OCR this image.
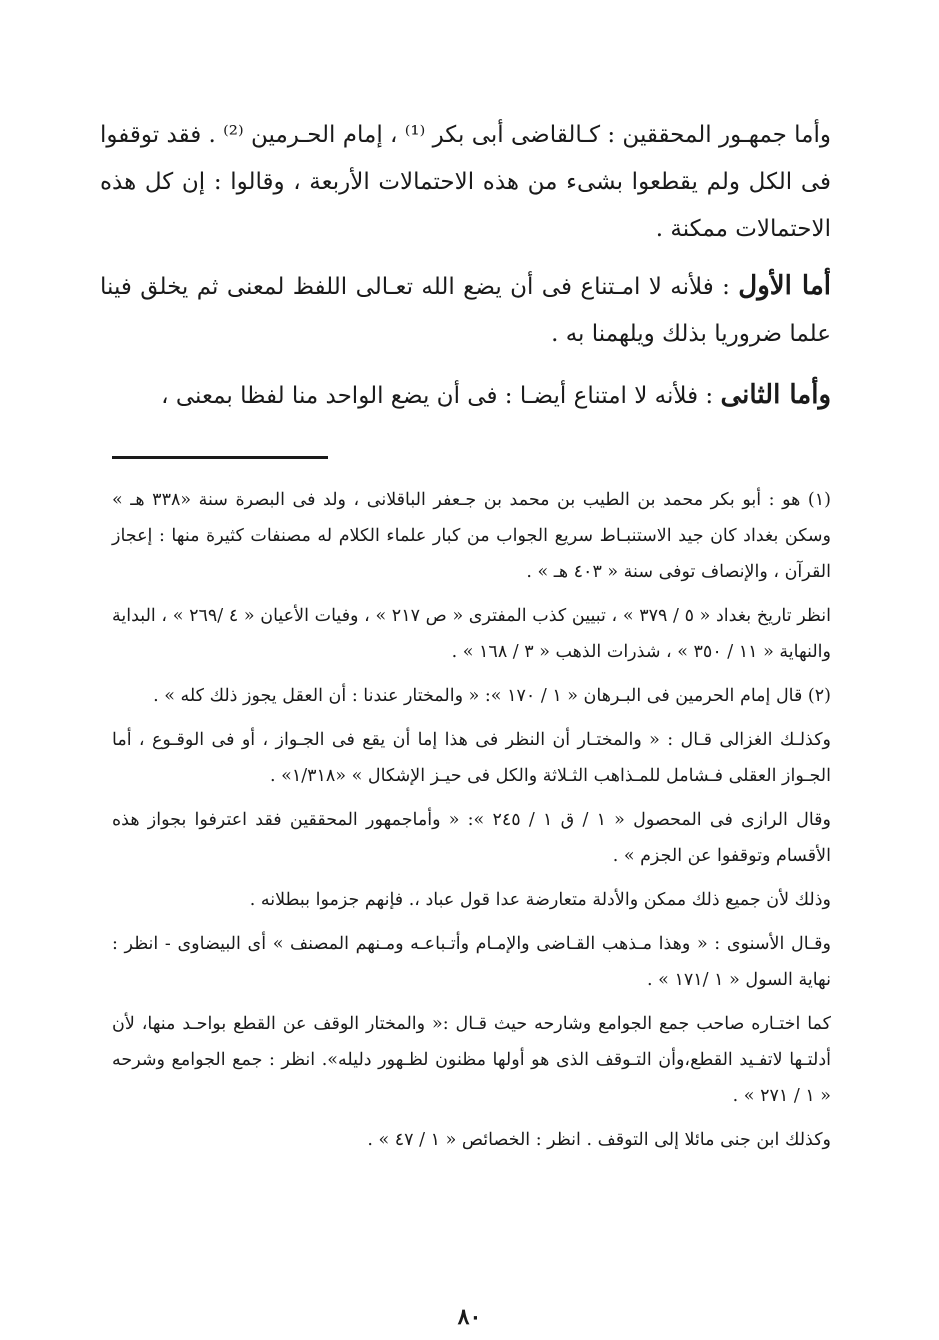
وأما جمهـور المحققين : كـالقاضى أبى بكر ⁽¹⁾ ، إمام الحـرمين ⁽²⁾ . فقد توقفوا فى الكل ولم يقطعوا بشىء من هذه الاحتمالات الأربعة ، وقالوا : إن كل هذه الاحتمالات ممكنة .

أما الأول : فلأنه لا امـتناع فى أن يضع الله تعـالى اللفظ لمعنى ثم يخلق فينا علما ضروريا بذلك ويلهمنا به .

وأما الثانى : فلأنه لا امتناع أيضـا : فى أن يضع الواحد منا لفظا بمعنى ،

(١) هو : أبو بكر محمد بن الطيب بن محمد بن جـعفر الباقلانى ، ولد فى البصرة سنة «٣٣٨ هـ » وسكن بغداد كان جيد الاستنبـاط سريع الجواب من كبار علماء الكلام له مصنفات كثيرة منها : إعجاز القرآن ، والإنصاف توفى سنة « ٤٠٣ هـ » .

انظر تاريخ بغداد « ٥ / ٣٧٩ » ، تبيين كذب المفترى « ص ٢١٧ » ، وفيات الأعيان « ٤ /٢٦٩ » ، البداية والنهاية « ١١ / ٣٥٠ » ، شذرات الذهب « ٣ / ١٦٨ » .

(٢) قال إمام الحرمين فى البـرهان « ١ / ١٧٠ »: « والمختار عندنا : أن العقل يجوز ذلك كله » .

وكذلـك الغزالى قـال : « والمختـار أن النظر فى هذا إما أن يقع فى الجـواز ، أو فى الوقـوع ، أما الجـواز العقلى فـشامل للمـذاهب الثـلاثة والكل فى حيـز الإشكال » «١/٣١٨» .

وقال الرازى فى المحصول « ١ / ق ١ / ٢٤٥ »: « وأماجمهور المحققين فقد اعترفوا بجواز هذه الأقسام وتوقفوا عن الجزم » .

وذلك لأن جميع ذلك ممكن والأدلة متعارضة عدا قول عباد ،. فإنهم جزموا ببطلانه .

وقـال الأسنوى : « وهذا مـذهب القـاضى والإمـام وأتـباعـه ومـنهم المصنف » أى البيضاوى - انظر : نهاية السول « ١ /١٧١ » .

كما اختـاره صاحب جمع الجوامع وشارحه حيث قـال :« والمختار الوقف عن القطع بواحـد منها، لأن أدلتـها لاتفـيد القطع،وأن التـوقف الذى هو أولها مظنون لظـهور دليله». انظر : جمع الجوامع وشرحه « ١ / ٢٧١ » .

وكذلك ابن جنى مائلا إلى التوقف . انظر : الخصائص « ١ / ٤٧ » .

٨٠
